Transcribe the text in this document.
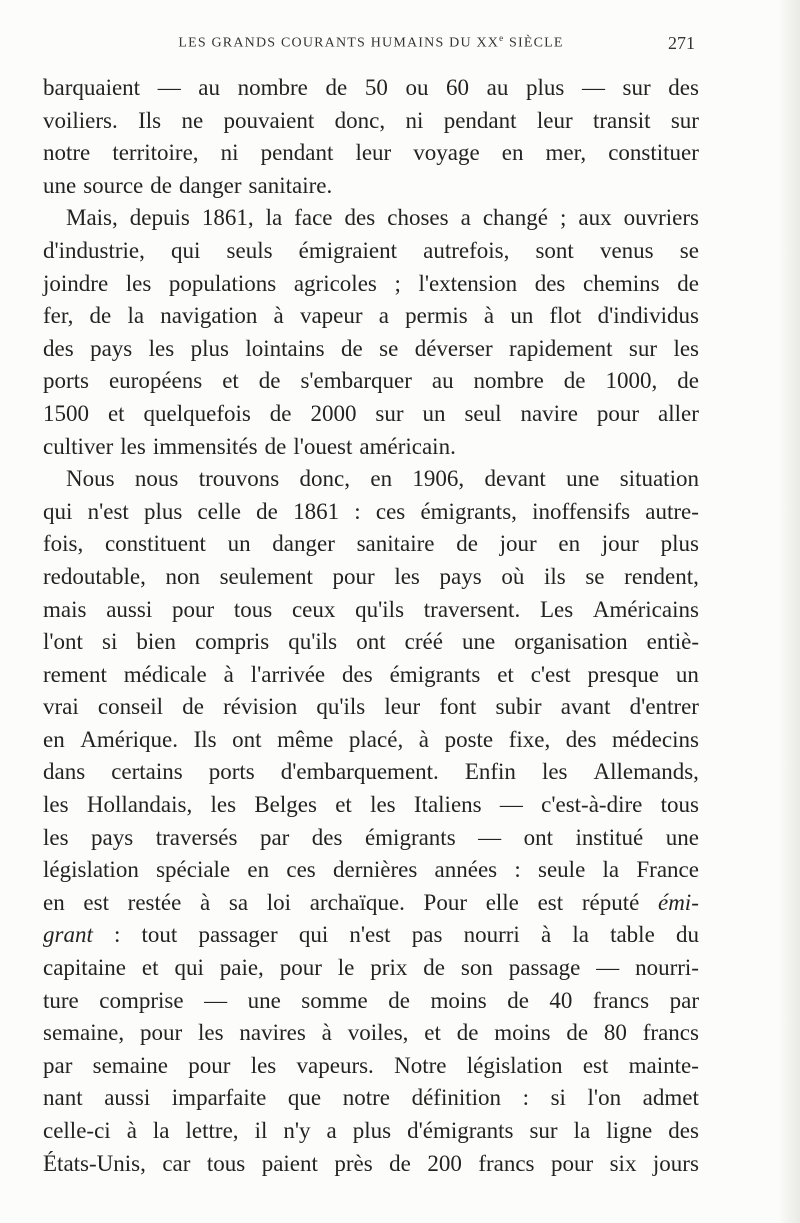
LES GRANDS COURANTS HUMAINS DU XXe SIÈCLE	271
barquaient — au nombre de 50 ou 60 au plus — sur des
voiliers. Ils ne pouvaient donc, ni pendant leur transit sur
notre territoire, ni pendant leur voyage en mer, constituer
une source de danger sanitaire.
Mais, depuis 1861, la face des choses a changé ; aux ouvriers
d'industrie, qui seuls émigraient autrefois, sont venus se
joindre les populations agricoles ; l'extension des chemins de
fer, de la navigation à vapeur a permis à un flot d'individus
des pays les plus lointains de se déverser rapidement sur les
ports européens et de s'embarquer au nombre de 1000, de
1500 et quelquefois de 2000 sur un seul navire pour aller
cultiver les immensités de l'ouest américain.
Nous nous trouvons donc, en 1906, devant une situation
qui n'est plus celle de 1861 : ces émigrants, inoffensifs autre-
fois, constituent un danger sanitaire de jour en jour plus
redoutable, non seulement pour les pays où ils se rendent,
mais aussi pour tous ceux qu'ils traversent. Les Américains
l'ont si bien compris qu'ils ont créé une organisation entiè-
rement médicale à l'arrivée des émigrants et c'est presque un
vrai conseil de révision qu'ils leur font subir avant d'entrer
en Amérique. Ils ont même placé, à poste fixe, des médecins
dans certains ports d'embarquement. Enfin les Allemands,
les Hollandais, les Belges et les Italiens — c'est-à-dire tous
les pays traversés par des émigrants — ont institué une
législation spéciale en ces dernières années : seule la France
en est restée à sa loi archaïque. Pour elle est réputé émi-
grant : tout passager qui n'est pas nourri à la table du
capitaine et qui paie, pour le prix de son passage — nourri-
ture comprise — une somme de moins de 40 francs par
semaine, pour les navires à voiles, et de moins de 80 francs
par semaine pour les vapeurs. Notre législation est mainte-
nant aussi imparfaite que notre définition : si l'on admet
celle-ci à la lettre, il n'y a plus d'émigrants sur la ligne des
États-Unis, car tous paient près de 200 francs pour six jours
